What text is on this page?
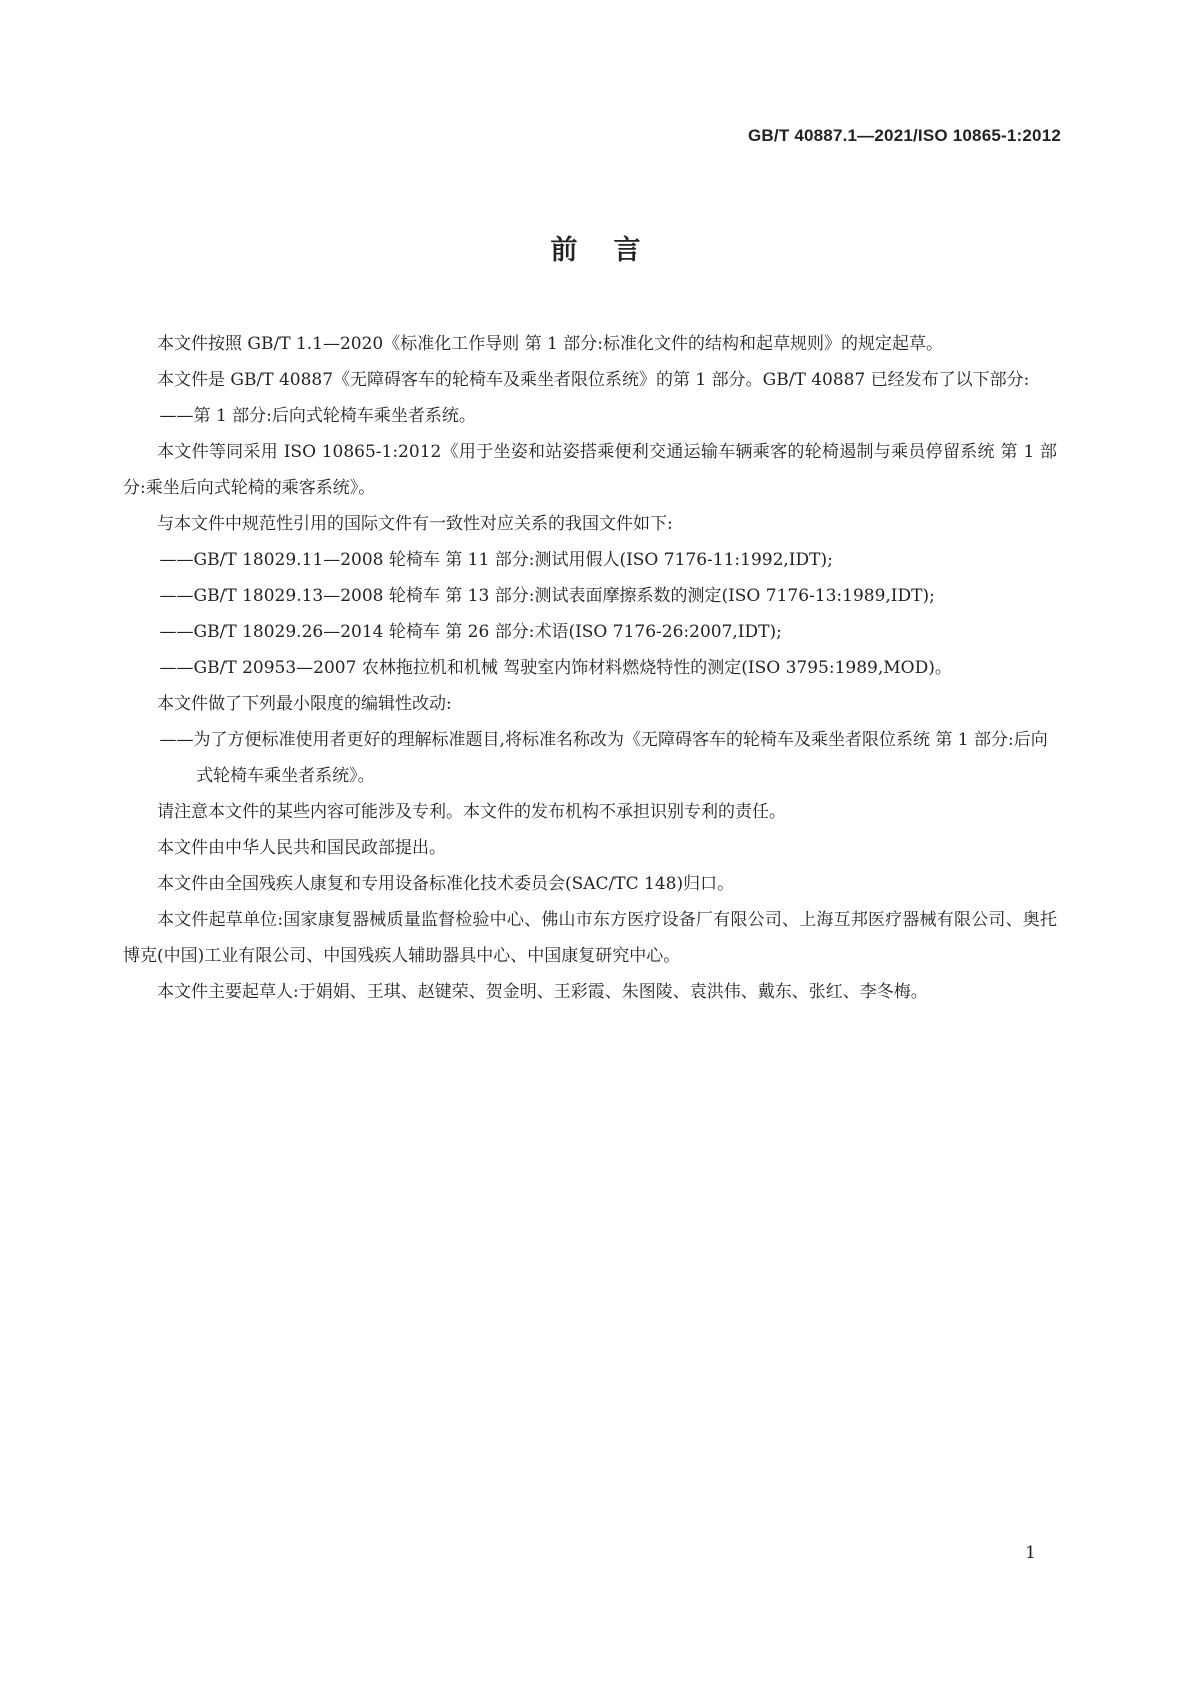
GB/T 40887.1—2021/ISO 10865-1:2012
前言

本文件按照 GB/T 1.1—2020《标准化工作导则 第 1 部分:标准化文件的结构和起草规则》的规定起草。

本文件是 GB/T 40887《无障碍客车的轮椅车及乘坐者限位系统》的第 1 部分。GB/T 40887 已经发布了以下部分:

——第 1 部分:后向式轮椅车乘坐者系统。

本文件等同采用 ISO 10865-1:2012《用于坐姿和站姿搭乘便利交通运输车辆乘客的轮椅遏制与乘员停留系统 第 1 部分:乘坐后向式轮椅的乘客系统》。

与本文件中规范性引用的国际文件有一致性对应关系的我国文件如下:

——GB/T 18029.11—2008 轮椅车 第 11 部分:测试用假人(ISO 7176-11:1992,IDT);

——GB/T 18029.13—2008 轮椅车 第 13 部分:测试表面摩擦系数的测定(ISO 7176-13:1989,IDT);

——GB/T 18029.26—2014 轮椅车 第 26 部分:术语(ISO 7176-26:2007,IDT);

——GB/T 20953—2007 农林拖拉机和机械 驾驶室内饰材料燃烧特性的测定(ISO 3795:1989,MOD)。

本文件做了下列最小限度的编辑性改动:

——为了方便标准使用者更好的理解标准题目,将标准名称改为《无障碍客车的轮椅车及乘坐者限位系统 第 1 部分:后向式轮椅车乘坐者系统》。

请注意本文件的某些内容可能涉及专利。本文件的发布机构不承担识别专利的责任。

本文件由中华人民共和国民政部提出。

本文件由全国残疾人康复和专用设备标准化技术委员会(SAC/TC 148)归口。

本文件起草单位:国家康复器械质量监督检验中心、佛山市东方医疗设备厂有限公司、上海互邦医疗器械有限公司、奥托博克(中国)工业有限公司、中国残疾人辅助器具中心、中国康复研究中心。

本文件主要起草人:于娟娟、王琪、赵键荣、贺金明、王彩霞、朱图陵、袁洪伟、戴东、张红、李冬梅。

1
